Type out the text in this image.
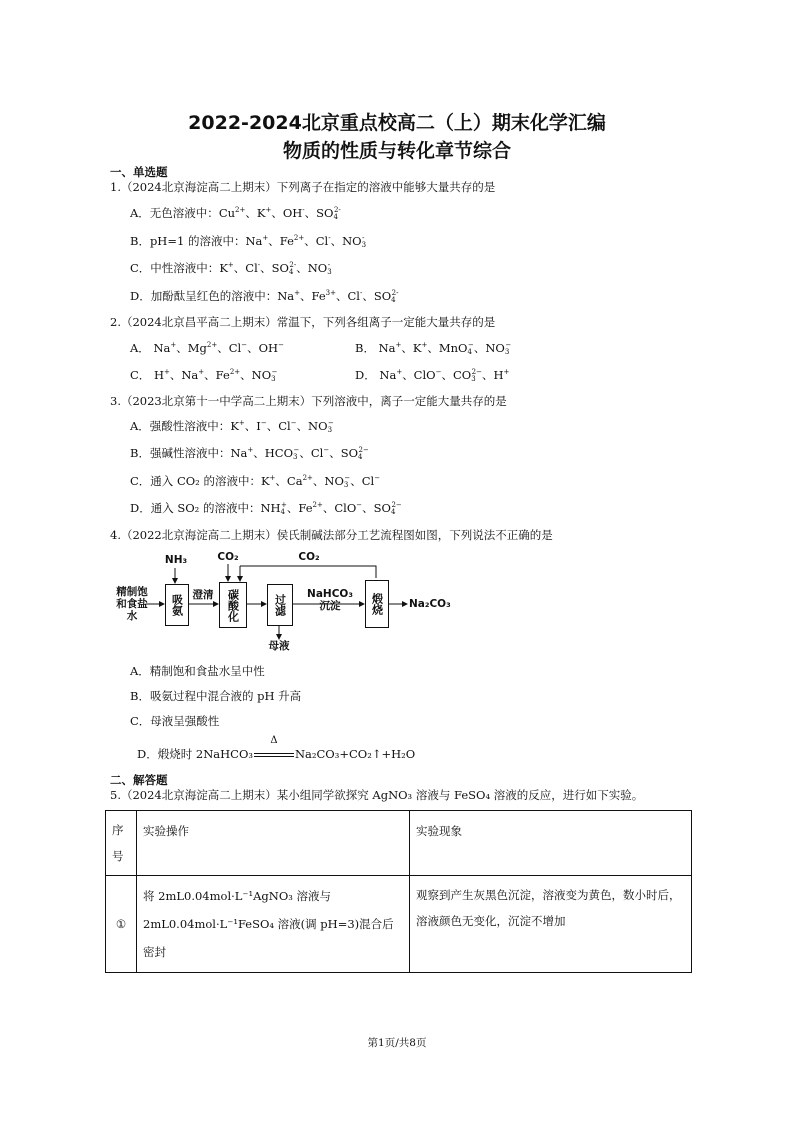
2022-2024北京重点校高二（上）期末化学汇编
物质的性质与转化章节综合
一、单选题
1.（2024北京海淀高二上期末）下列离子在指定的溶液中能够大量共存的是
A．无色溶液中：$Cu^{2+}$、K+、OH-、$SO_4^{2-}$
B．pH=1 的溶液中：Na+、$Fe^{2+}$、Cl-、$NO_3^-$
C．中性溶液中：K+、Cl-、$SO_4^{2-}$、$NO_3^-$
D．加酚酞呈红色的溶液中：Na+、$Fe^{3+}$、Cl-、$SO_4^{2-}$
2.（2024北京昌平高二上期末）常温下，下列各组离子一定能大量共存的是
A． Na+、$Mg^{2+}$、Cl−、OH−	B． Na+、K+、MnO$_4$−、$NO_3^-$
C． H+、Na+、$Fe^{2+}$、$NO_3^-$	D． Na+、ClO−、$CO_3^{2-}$、H+
3.（2023北京第十一中学高二上期末）下列溶液中，离子一定能大量共存的是
A．强酸性溶液中：K+、I−、Cl−、$NO_3^-$
B．强碱性溶液中：Na+、$HCO_3^-$、Cl−、$SO_4^{2-}$
C．通入 CO₂ 的溶液中：K+、$Ca^{2+}$、$NO_3^-$、Cl−
D．通入 SO₂ 的溶液中：$NH_4^+$、$Fe^{2+}$、ClO−、$SO_4^{2-}$
4.（2022北京海淀高二上期末）侯氏制碱法部分工艺流程图如图，下列说法不正确的是
精制饱和食盐水
NH₃	CO₂	CO₂
吸氨 澄清	碳酸化	过滤	NaHCO₃
沉淀	煅烧	Na₂CO₃
母液
A．精制饱和食盐水呈中性
B．吸氨过程中混合液的 pH 升高
C．母液呈强酸性
D．煅烧时 2NaHCO₃
Δ
Na₂CO₃+CO₂↑+H₂O
二、解答题
5.（2024北京海淀高二上期末）某小组同学欲探究 AgNO₃ 溶液与 FeSO₄ 溶液的反应，进行如下实验。
序号	实验操作	实验现象
①	将 2mL0.04mol·L⁻¹AgNO₃ 溶液与
2mL0.04mol·L⁻¹FeSO₄ 溶液(调 pH=3)混合后密封	观察到产生灰黑色沉淀，溶液变为黄色，数小时后，溶液颜色无变化，沉淀不增加
第1页/共8页
